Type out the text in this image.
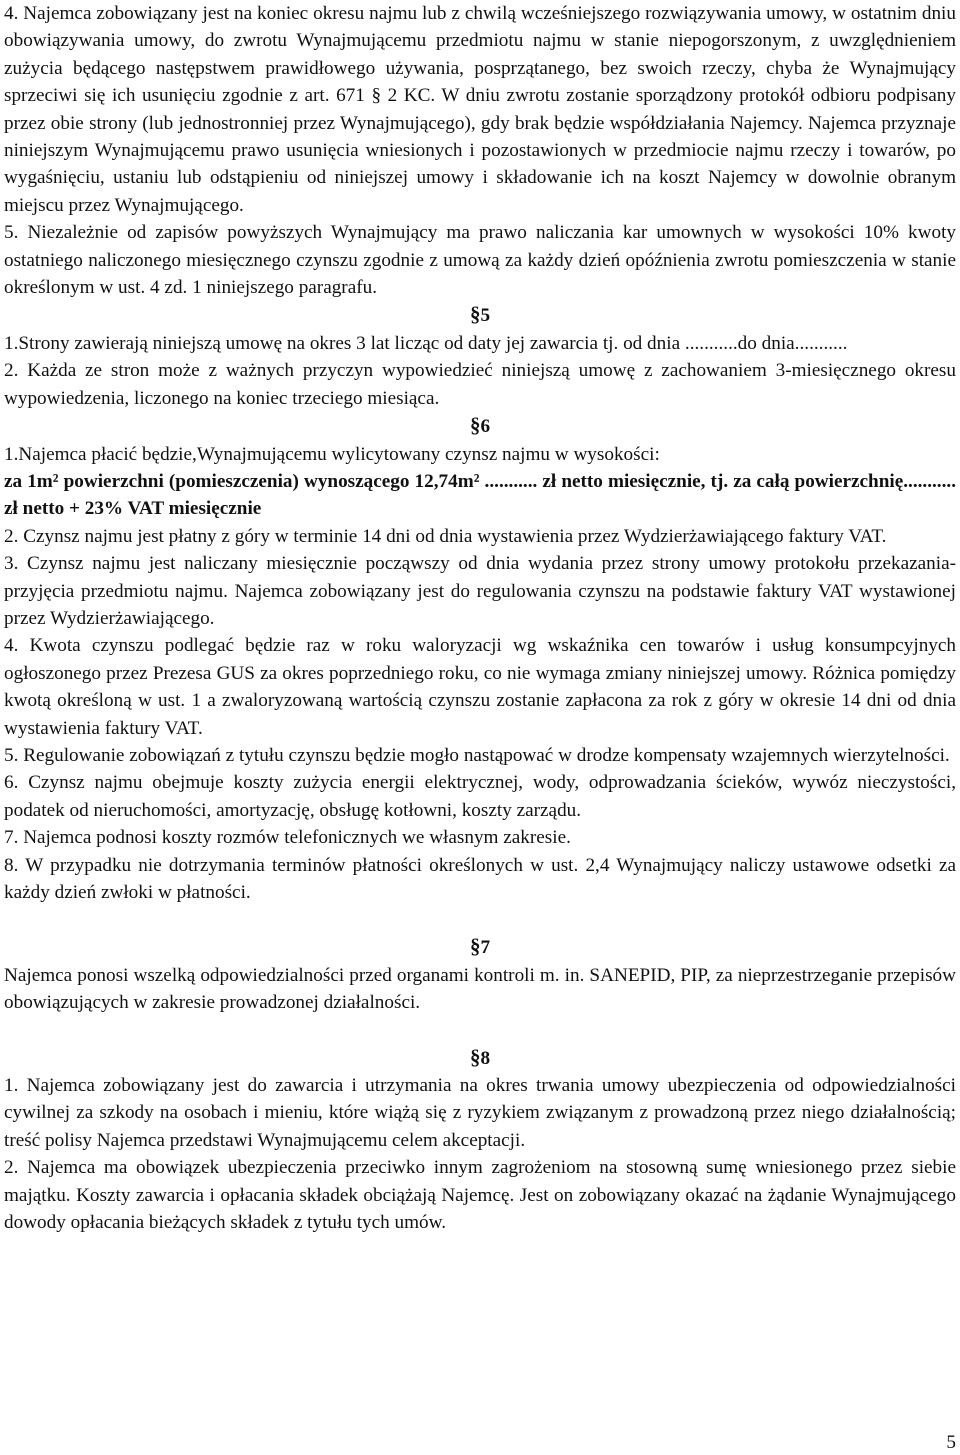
4. Najemca zobowiązany jest na koniec okresu najmu lub z chwilą wcześniejszego rozwiązywania umowy, w ostatnim dniu obowiązywania umowy, do zwrotu Wynajmującemu przedmiotu najmu w stanie niepogorszonym, z uwzględnieniem zużycia będącego następstwem prawidłowego używania, posprzątanego, bez swoich rzeczy, chyba że Wynajmujący sprzeciwi się ich usunięciu zgodnie z art. 671 § 2 KC. W dniu zwrotu zostanie sporządzony protokół odbioru podpisany przez obie strony (lub jednostronniej przez Wynajmującego), gdy brak będzie współdziałania Najemcy. Najemca przyznaje niniejszym Wynajmującemu prawo usunięcia wniesionych i pozostawionych w przedmiocie najmu rzeczy i towarów, po wygaśnięciu, ustaniu lub odstąpieniu od niniejszej umowy i składowanie ich na koszt Najemcy w dowolnie obranym miejscu przez Wynajmującego.

5. Niezależnie od zapisów powyższych Wynajmujący ma prawo naliczania kar umownych w wysokości 10% kwoty ostatniego naliczonego miesięcznego czynszu zgodnie z umową za każdy dzień opóźnienia zwrotu pomieszczenia w stanie określonym w ust. 4 zd. 1 niniejszego paragrafu.

§5

1.Strony zawierają niniejszą umowę na okres 3 lat licząc od daty jej zawarcia tj. od dnia ...........do dnia...........

2. Każda ze stron może z ważnych przyczyn wypowiedzieć niniejszą umowę z zachowaniem 3-miesięcznego okresu wypowiedzenia, liczonego na koniec trzeciego miesiąca.

§6

1.Najemca płacić będzie,Wynajmującemu wylicytowany czynsz najmu w wysokości:
za 1m² powierzchni (pomieszczenia) wynoszącego 12,74m² ........... zł netto miesięcznie, tj. za całą powierzchnię........... zł netto + 23% VAT miesięcznie

2. Czynsz najmu jest płatny z góry w terminie 14 dni od dnia wystawienia przez Wydzierżawiającego faktury VAT.

3. Czynsz najmu jest naliczany miesięcznie począwszy od dnia wydania przez strony umowy protokołu przekazania-przyjęcia przedmiotu najmu. Najemca zobowiązany jest do regulowania czynszu na podstawie faktury VAT wystawionej przez Wydzierżawiającego.

4. Kwota czynszu podlegać będzie raz w roku waloryzacji wg wskaźnika cen towarów i usług konsumpcyjnych ogłoszonego przez Prezesa GUS za okres poprzedniego roku, co nie wymaga zmiany niniejszej umowy. Różnica pomiędzy kwotą określoną w ust. 1 a zwaloryzowaną wartością czynszu zostanie zapłacona za rok z góry w okresie 14 dni od dnia wystawienia faktury VAT.

5. Regulowanie zobowiązań z tytułu czynszu będzie mogło nastąpować w drodze kompensaty wzajemnych wierzytelności.

6. Czynsz najmu obejmuje koszty zużycia energii elektrycznej, wody, odprowadzania ścieków, wywóz nieczystości, podatek od nieruchomości, amortyzację, obsługę kotłowni, koszty zarządu.

7. Najemca podnosi koszty rozmów telefonicznych we własnym zakresie.

8. W przypadku nie dotrzymania terminów płatności określonych w ust. 2,4 Wynajmujący naliczy ustawowe odsetki za każdy dzień zwłoki w płatności.

§7

Najemca ponosi wszelką odpowiedzialności przed organami kontroli m. in. SANEPID, PIP, za nieprzestrzeganie przepisów obowiązujących w zakresie prowadzonej działalności.

§8

1. Najemca zobowiązany jest do zawarcia i utrzymania na okres trwania umowy ubezpieczenia od odpowiedzialności cywilnej za szkody na osobach i mieniu, które wiążą się z ryzykiem związanym z prowadzoną przez niego działalnością; treść polisy Najemca przedstawi Wynajmującemu celem akceptacji.

2. Najemca ma obowiązek ubezpieczenia przeciwko innym zagrożeniom na stosowną sumę wniesionego przez siebie majątku. Koszty zawarcia i opłacania składek obciążają Najemcę. Jest on zobowiązany okazać na żądanie Wynajmującego dowody opłacania bieżących składek z tytułu tych umów.

5
